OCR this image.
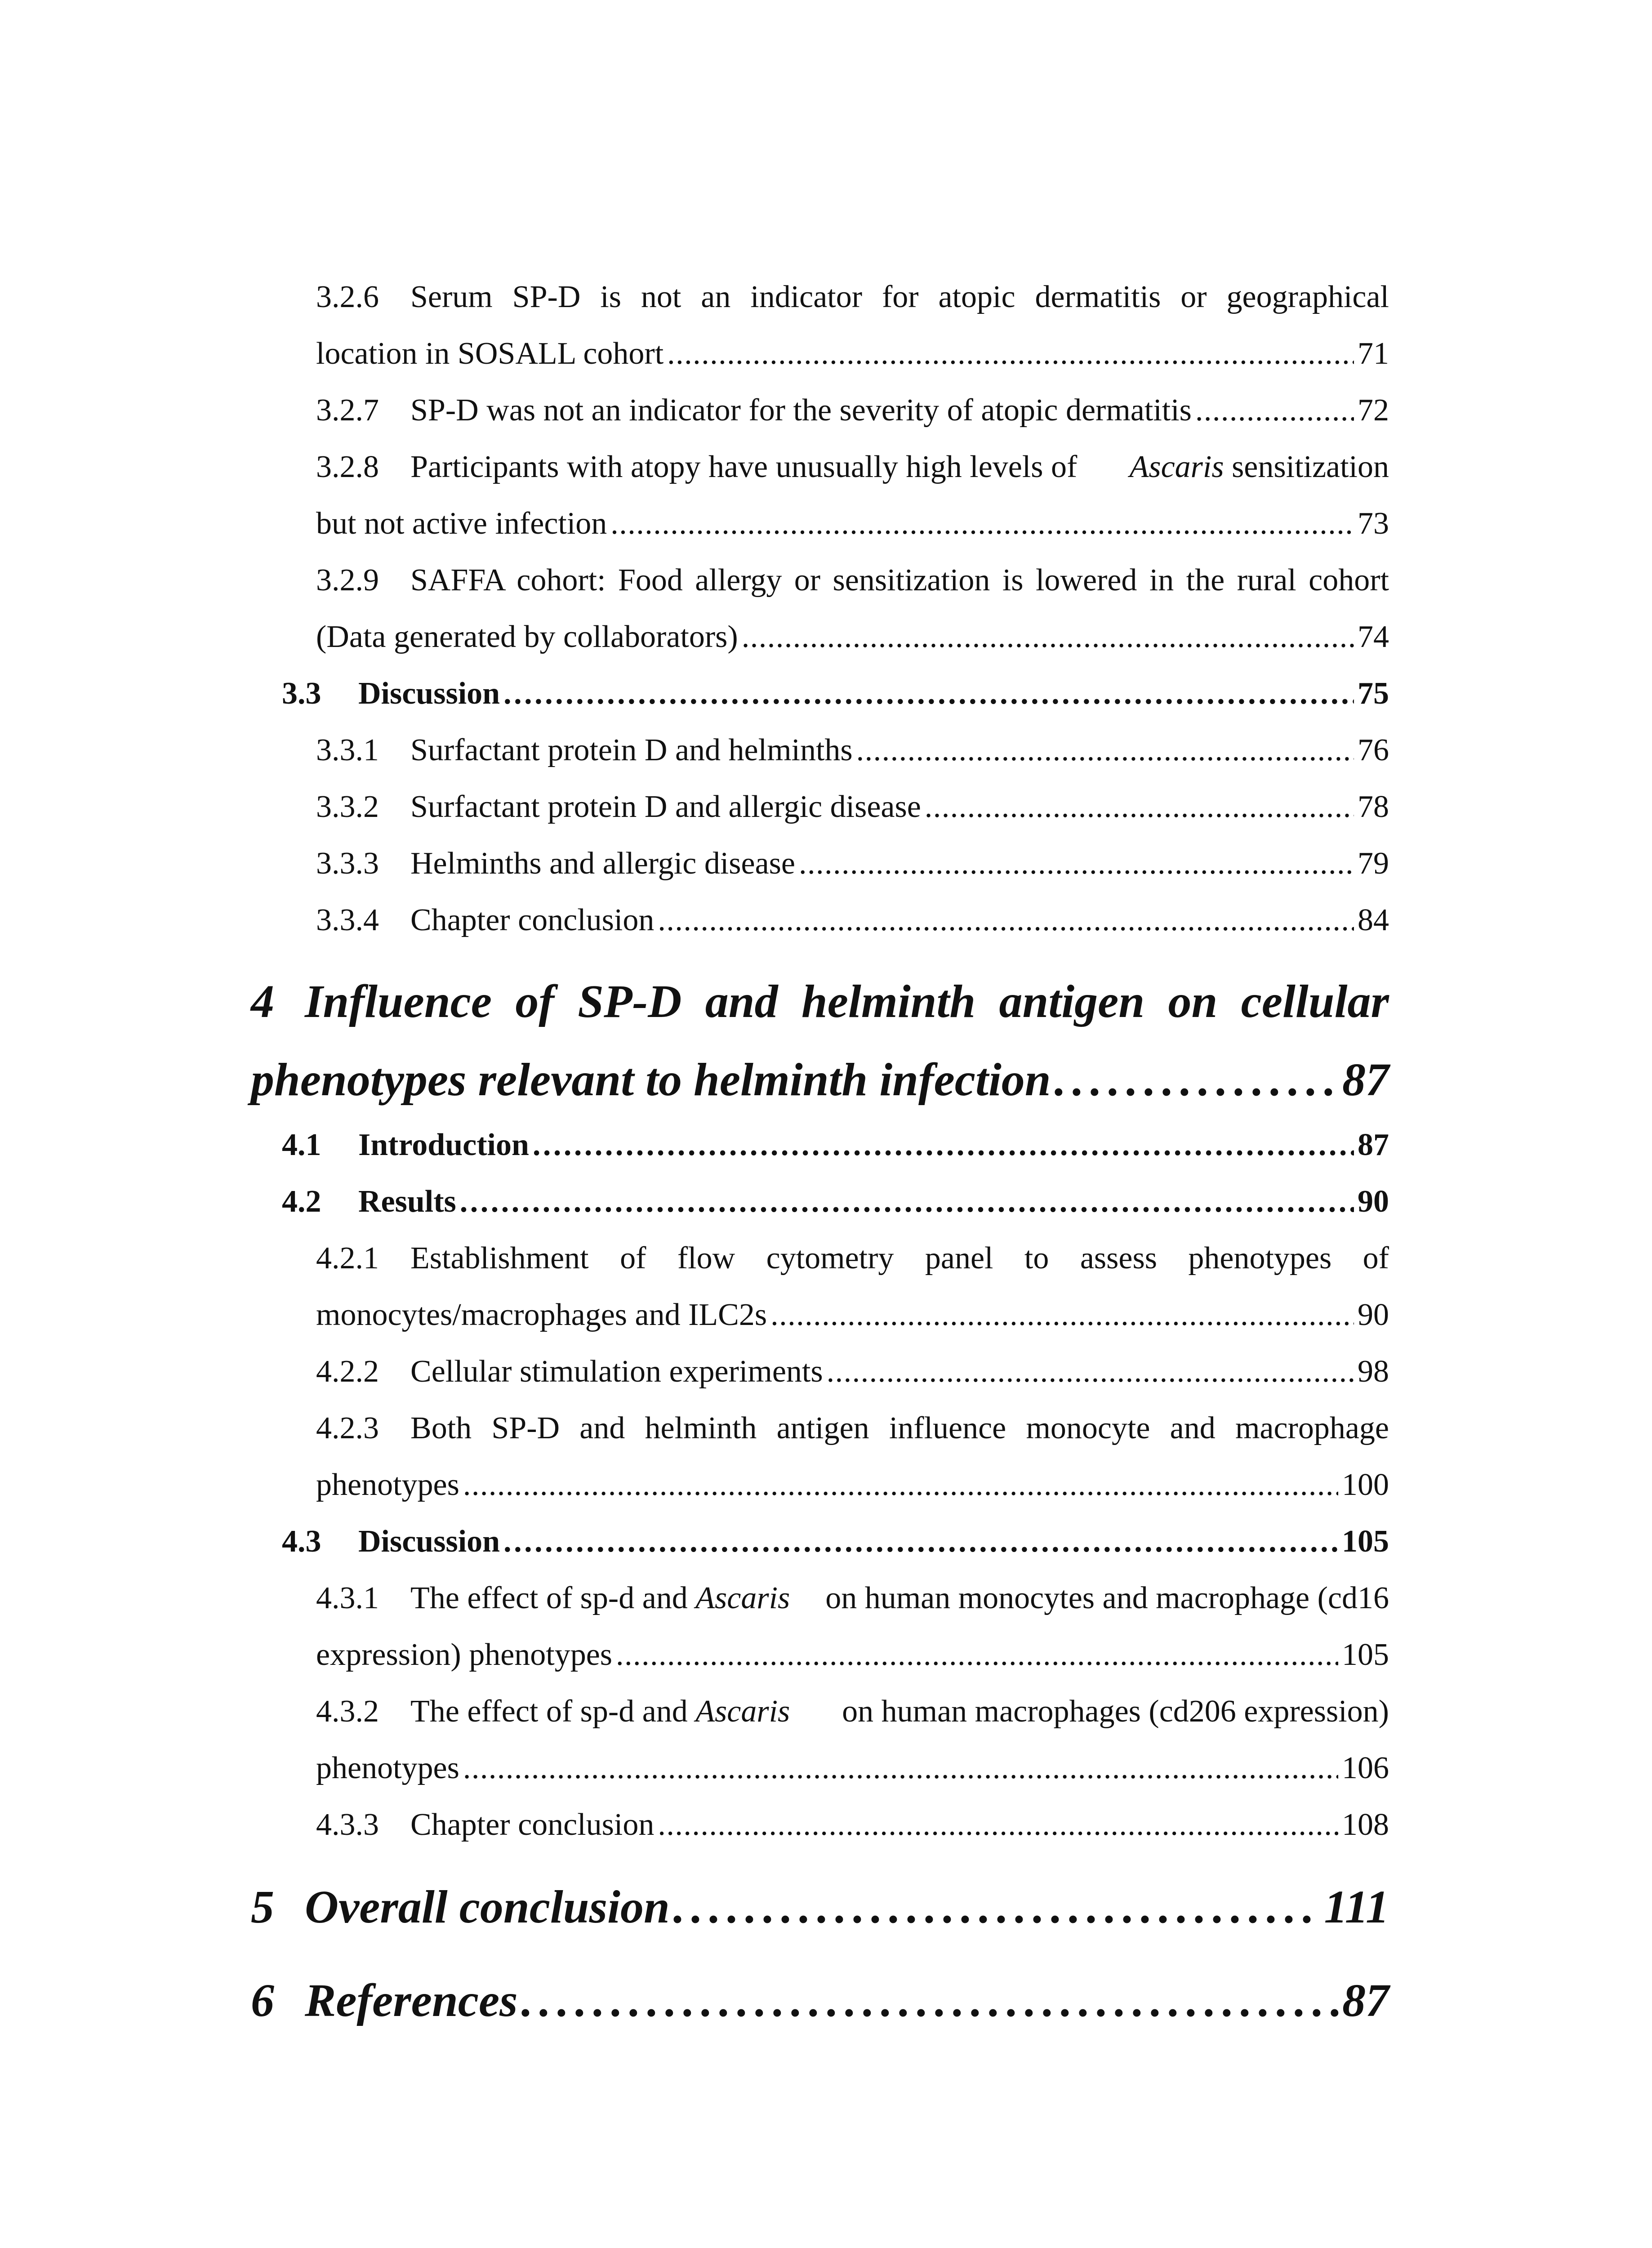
3.2.6 Serum SP-D is not an indicator for atopic dermatitis or geographical
location in SOSALL cohort . . .	71
3.2.7 SP-D was not an indicator for the severity of atopic dermatitis . . .	72
3.2.8	Participants with atopy have unusually high levels of Ascaris sensitization
but not active infection . . .	73
3.2.9 SAFFA cohort: Food allergy or sensitization is lowered in the rural cohort
(Data generated by collaborators) . . .	74
3.3 Discussion . . .	75
3.3.1 Surfactant protein D and helminths . . .	76
3.3.2 Surfactant protein D and allergic disease . . .	78
3.3.3 Helminths and allergic disease . . .	79
3.3.4 Chapter conclusion . . .	84
4 Influence of SP-D and helminth antigen on cellular
phenotypes relevant to helminth infection . . .	87
4.1 Introduction . . .	87
4.2 Results . . .	90
4.2.1 Establishment of flow cytometry panel to assess phenotypes of
monocytes/macrophages and ILC2s . . .	90
4.2.2 Cellular stimulation experiments . . .	98
4.2.3 Both SP-D and helminth antigen influence monocyte and macrophage
phenotypes . . .	100
4.3 Discussion . . .	105
4.3.1	The effect of sp-d and Ascaris on human monocytes and macrophage (cd16
expression) phenotypes . . .	105
4.3.2	The effect of sp-d and Ascaris on human macrophages (cd206 expression)
phenotypes . . .	106
4.3.3 Chapter conclusion . . .	108
5 Overall conclusion . . .	111
6 References . . .	87
